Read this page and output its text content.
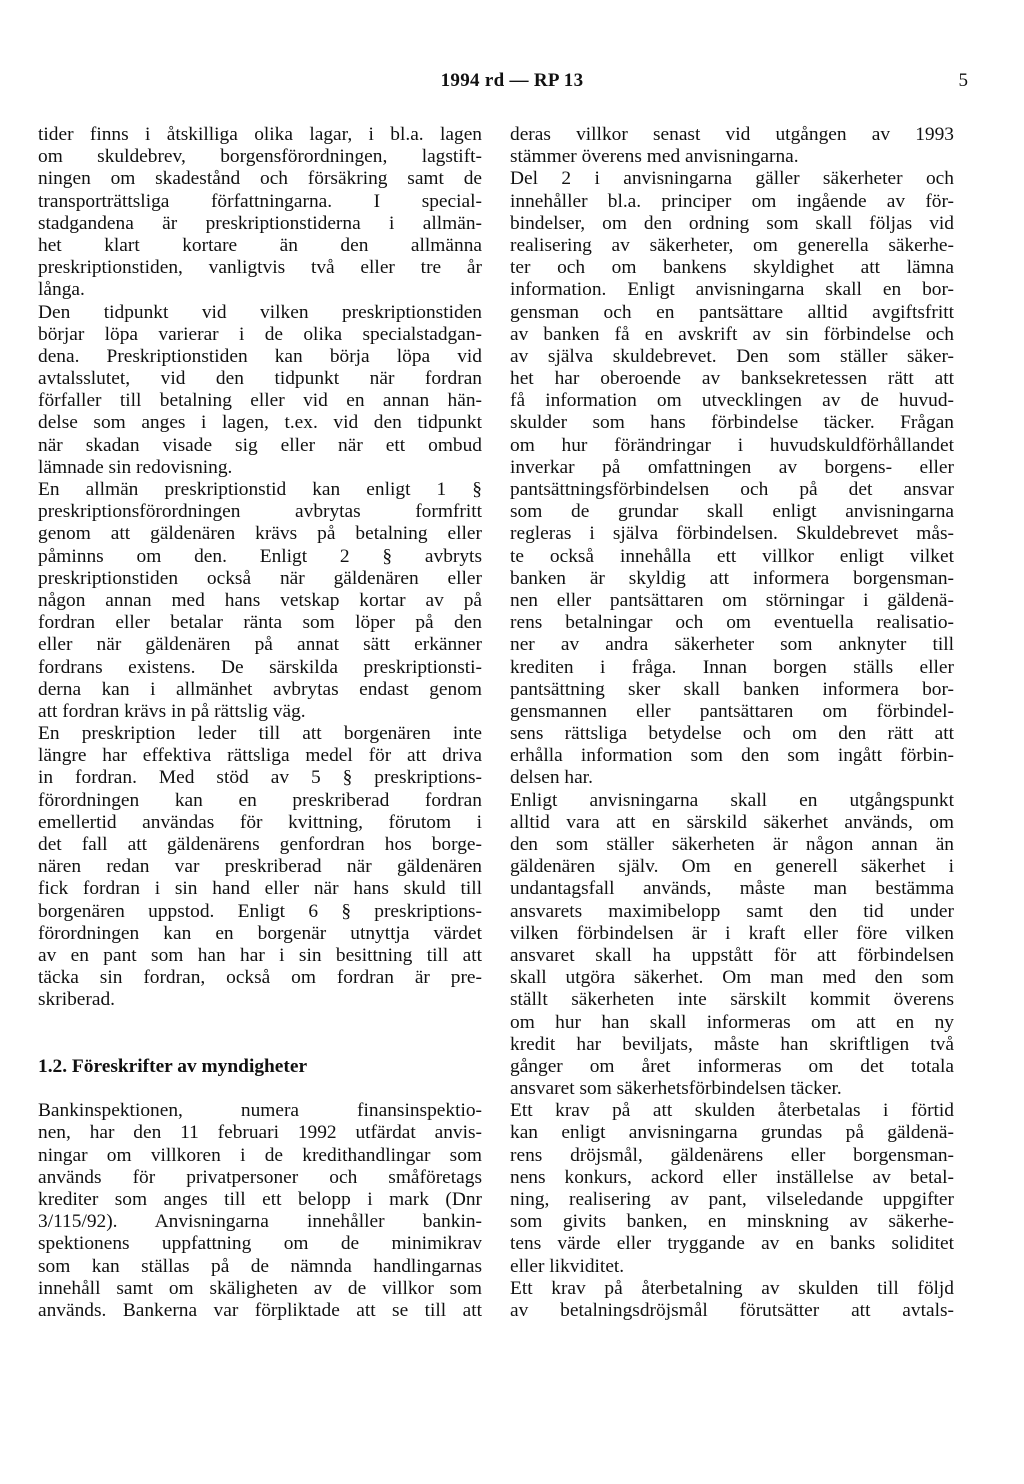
1994 rd — RP 13	5
tider finns i åtskilliga olika lagar, i bl.a. lagen
om skuldebrev, borgensförordningen, lagstift-
ningen om skadestånd och försäkring samt de
transporträttsliga författningarna. I special-
stadgandena är preskriptionstiderna i allmän-
het klart kortare än den allmänna
preskriptionstiden, vanligtvis två eller tre år
långa.
Den tidpunkt vid vilken preskriptionstiden
börjar löpa varierar i de olika specialstadgan-
dena. Preskriptionstiden kan börja löpa vid
avtalsslutet, vid den tidpunkt när fordran
förfaller till betalning eller vid en annan hän-
delse som anges i lagen, t.ex. vid den tidpunkt
när skadan visade sig eller när ett ombud
lämnade sin redovisning.
En allmän preskriptionstid kan enligt 1 §
preskriptionsförordningen avbrytas formfritt
genom att gäldenären krävs på betalning eller
påminns om den. Enligt 2 § avbryts
preskriptionstiden också när gäldenären eller
någon annan med hans vetskap kortar av på
fordran eller betalar ränta som löper på den
eller när gäldenären på annat sätt erkänner
fordrans existens. De särskilda preskriptionsti-
derna kan i allmänhet avbrytas endast genom
att fordran krävs in på rättslig väg.
En preskription leder till att borgenären inte
längre har effektiva rättsliga medel för att driva
in fordran. Med stöd av 5 § preskriptions-
förordningen kan en preskriberad fordran
emellertid användas för kvittning, förutom i
det fall att gäldenärens genfordran hos borge-
nären redan var preskriberad när gäldenären
fick fordran i sin hand eller när hans skuld till
borgenären uppstod. Enligt 6 § preskriptions-
förordningen kan en borgenär utnyttja värdet
av en pant som han har i sin besittning till att
täcka sin fordran, också om fordran är pre-
skriberad.
1.2. Föreskrifter av myndigheter
Bankinspektionen, numera finansinspektio-
nen, har den 11 februari 1992 utfärdat anvis-
ningar om villkoren i de kredithandlingar som
används för privatpersoner och småföretags
krediter som anges till ett belopp i mark (Dnr
3/115/92). Anvisningarna innehåller bankin-
spektionens uppfattning om de minimikrav
som kan ställas på de nämnda handlingarnas
innehåll samt om skäligheten av de villkor som
används. Bankerna var förpliktade att se till att
deras villkor senast vid utgången av 1993
stämmer överens med anvisningarna.
Del 2 i anvisningarna gäller säkerheter och
innehåller bl.a. principer om ingående av för-
bindelser, om den ordning som skall följas vid
realisering av säkerheter, om generella säkerhe-
ter och om bankens skyldighet att lämna
information. Enligt anvisningarna skall en bor-
gensman och en pantsättare alltid avgiftsfritt
av banken få en avskrift av sin förbindelse och
av själva skuldebrevet. Den som ställer säker-
het har oberoende av banksekretessen rätt att
få information om utvecklingen av de huvud-
skulder som hans förbindelse täcker. Frågan
om hur förändringar i huvudskuldförhållandet
inverkar på omfattningen av borgens- eller
pantsättningsförbindelsen och på det ansvar
som de grundar skall enligt anvisningarna
regleras i själva förbindelsen. Skuldebrevet mås-
te också innehålla ett villkor enligt vilket
banken är skyldig att informera borgensman-
nen eller pantsättaren om störningar i gäldenä-
rens betalningar och om eventuella realisatio-
ner av andra säkerheter som anknyter till
krediten i fråga. Innan borgen ställs eller
pantsättning sker skall banken informera bor-
gensmannen eller pantsättaren om förbindel-
sens rättsliga betydelse och om den rätt att
erhålla information som den som ingått förbin-
delsen har.
Enligt anvisningarna skall en utgångspunkt
alltid vara att en särskild säkerhet används, om
den som ställer säkerheten är någon annan än
gäldenären själv. Om en generell säkerhet i
undantagsfall används, måste man bestämma
ansvarets maximibelopp samt den tid under
vilken förbindelsen är i kraft eller före vilken
ansvaret skall ha uppstått för att förbindelsen
skall utgöra säkerhet. Om man med den som
ställt säkerheten inte särskilt kommit överens
om hur han skall informeras om att en ny
kredit har beviljats, måste han skriftligen två
gånger om året informeras om det totala
ansvaret som säkerhetsförbindelsen täcker.
Ett krav på att skulden återbetalas i förtid
kan enligt anvisningarna grundas på gäldenä-
rens dröjsmål, gäldenärens eller borgensman-
nens konkurs, ackord eller inställelse av betal-
ning, realisering av pant, vilseledande uppgifter
som givits banken, en minskning av säkerhe-
tens värde eller tryggande av en banks soliditet
eller likviditet.
Ett krav på återbetalning av skulden till följd
av betalningsdröjsmål förutsätter att avtals-
